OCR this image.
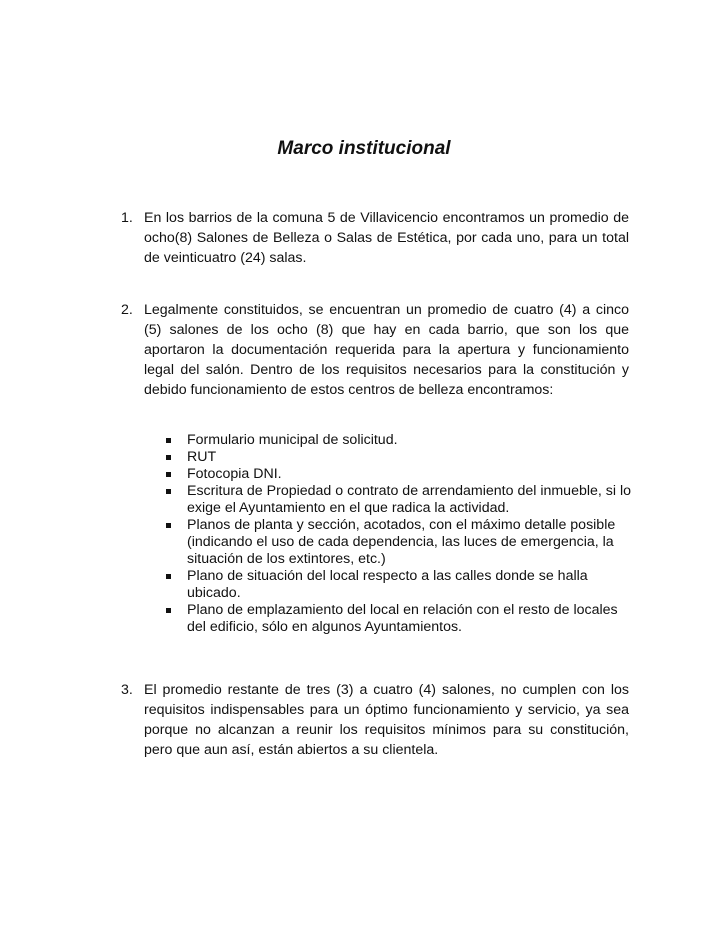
Marco institucional
1. En los barrios de la comuna 5 de Villavicencio encontramos un promedio de ocho(8) Salones de Belleza o Salas de Estética, por cada uno, para un total de veinticuatro (24) salas.
2. Legalmente constituidos, se encuentran un promedio de cuatro (4) a cinco (5) salones de los ocho (8) que hay en cada barrio, que son los que aportaron la documentación requerida para la apertura y funcionamiento legal del salón. Dentro de los requisitos necesarios para la constitución y debido funcionamiento de estos centros de belleza encontramos:
Formulario municipal de solicitud.
RUT
Fotocopia DNI.
Escritura de Propiedad o contrato de arrendamiento del inmueble, si lo exige el Ayuntamiento en el que radica la actividad.
Planos de planta y sección, acotados, con el máximo detalle posible (indicando el uso de cada dependencia, las luces de emergencia, la situación de los extintores, etc.)
Plano de situación del local respecto a las calles donde se halla ubicado.
Plano de emplazamiento del local en relación con el resto de locales del edificio, sólo en algunos Ayuntamientos.
3. El promedio restante de tres (3) a cuatro (4) salones, no cumplen con los requisitos indispensables para un óptimo funcionamiento y servicio, ya sea porque no alcanzan a reunir los requisitos mínimos para su constitución, pero que aun así, están abiertos a su clientela.
